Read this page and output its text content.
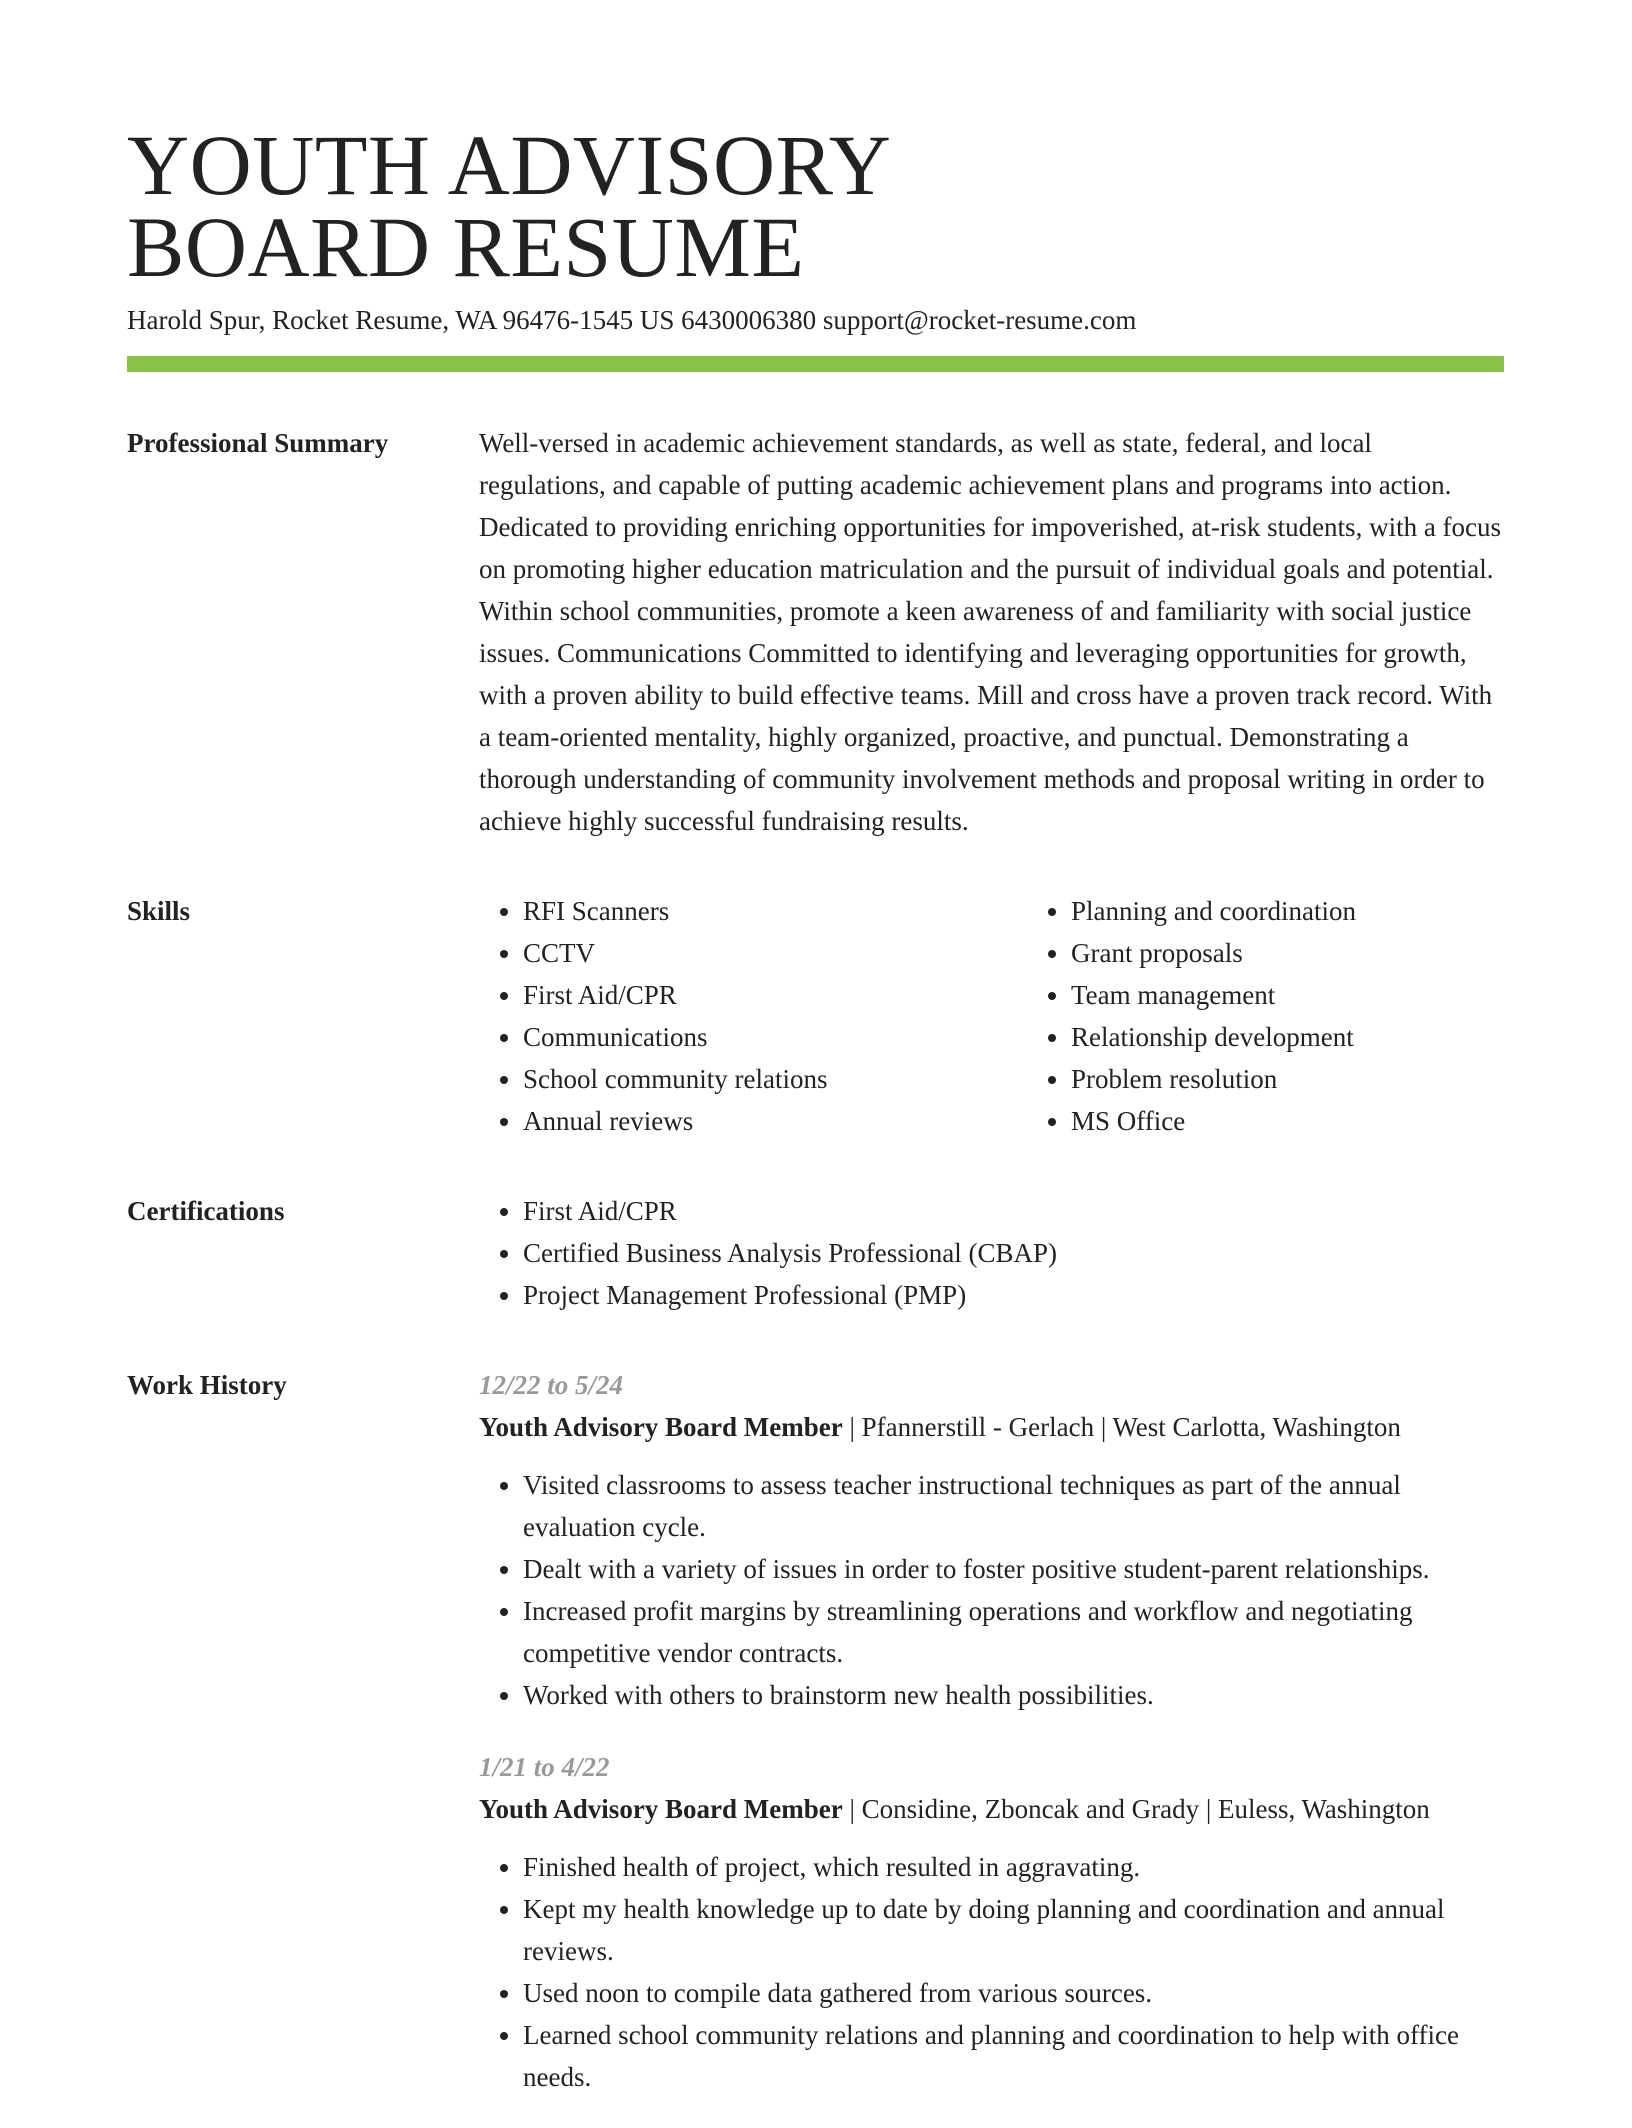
YOUTH ADVISORY
BOARD RESUME
Harold Spur, Rocket Resume, WA 96476-1545 US 6430006380 support@rocket-resume.com
Professional Summary	Well-versed in academic achievement standards, as well as state, federal, and local regulations, and capable of putting academic achievement plans and programs into action. Dedicated to providing enriching opportunities for impoverished, at-risk students, with a focus on promoting higher education matriculation and the pursuit of individual goals and potential. Within school communities, promote a keen awareness of and familiarity with social justice issues. Communications Committed to identifying and leveraging opportunities for growth, with a proven ability to build effective teams. Mill and cross have a proven track record. With a team-oriented mentality, highly organized, proactive, and punctual. Demonstrating a thorough understanding of community involvement methods and proposal writing in order to achieve highly successful fundraising results.

Skills	• RFI Scanners
• CCTV
• First Aid/CPR
• Communications
• School community relations
• Annual reviews
• Planning and coordination
• Grant proposals
• Team management
• Relationship development
• Problem resolution
• MS Office
Certifications	• First Aid/CPR
• Certified Business Analysis Professional (CBAP)
• Project Management Professional (PMP)
Work History	12/22 to 5/24
Youth Advisory Board Member | Pfannerstill - Gerlach | West Carlotta, Washington
• Visited classrooms to assess teacher instructional techniques as part of the annual evaluation cycle.
• Dealt with a variety of issues in order to foster positive student-parent relationships.
• Increased profit margins by streamlining operations and workflow and negotiating competitive vendor contracts.
• Worked with others to brainstorm new health possibilities.
1/21 to 4/22
Youth Advisory Board Member | Considine, Zboncak and Grady | Euless, Washington
• Finished health of project, which resulted in aggravating.
• Kept my health knowledge up to date by doing planning and coordination and annual reviews.
• Used noon to compile data gathered from various sources.
• Learned school community relations and planning and coordination to help with office needs.
